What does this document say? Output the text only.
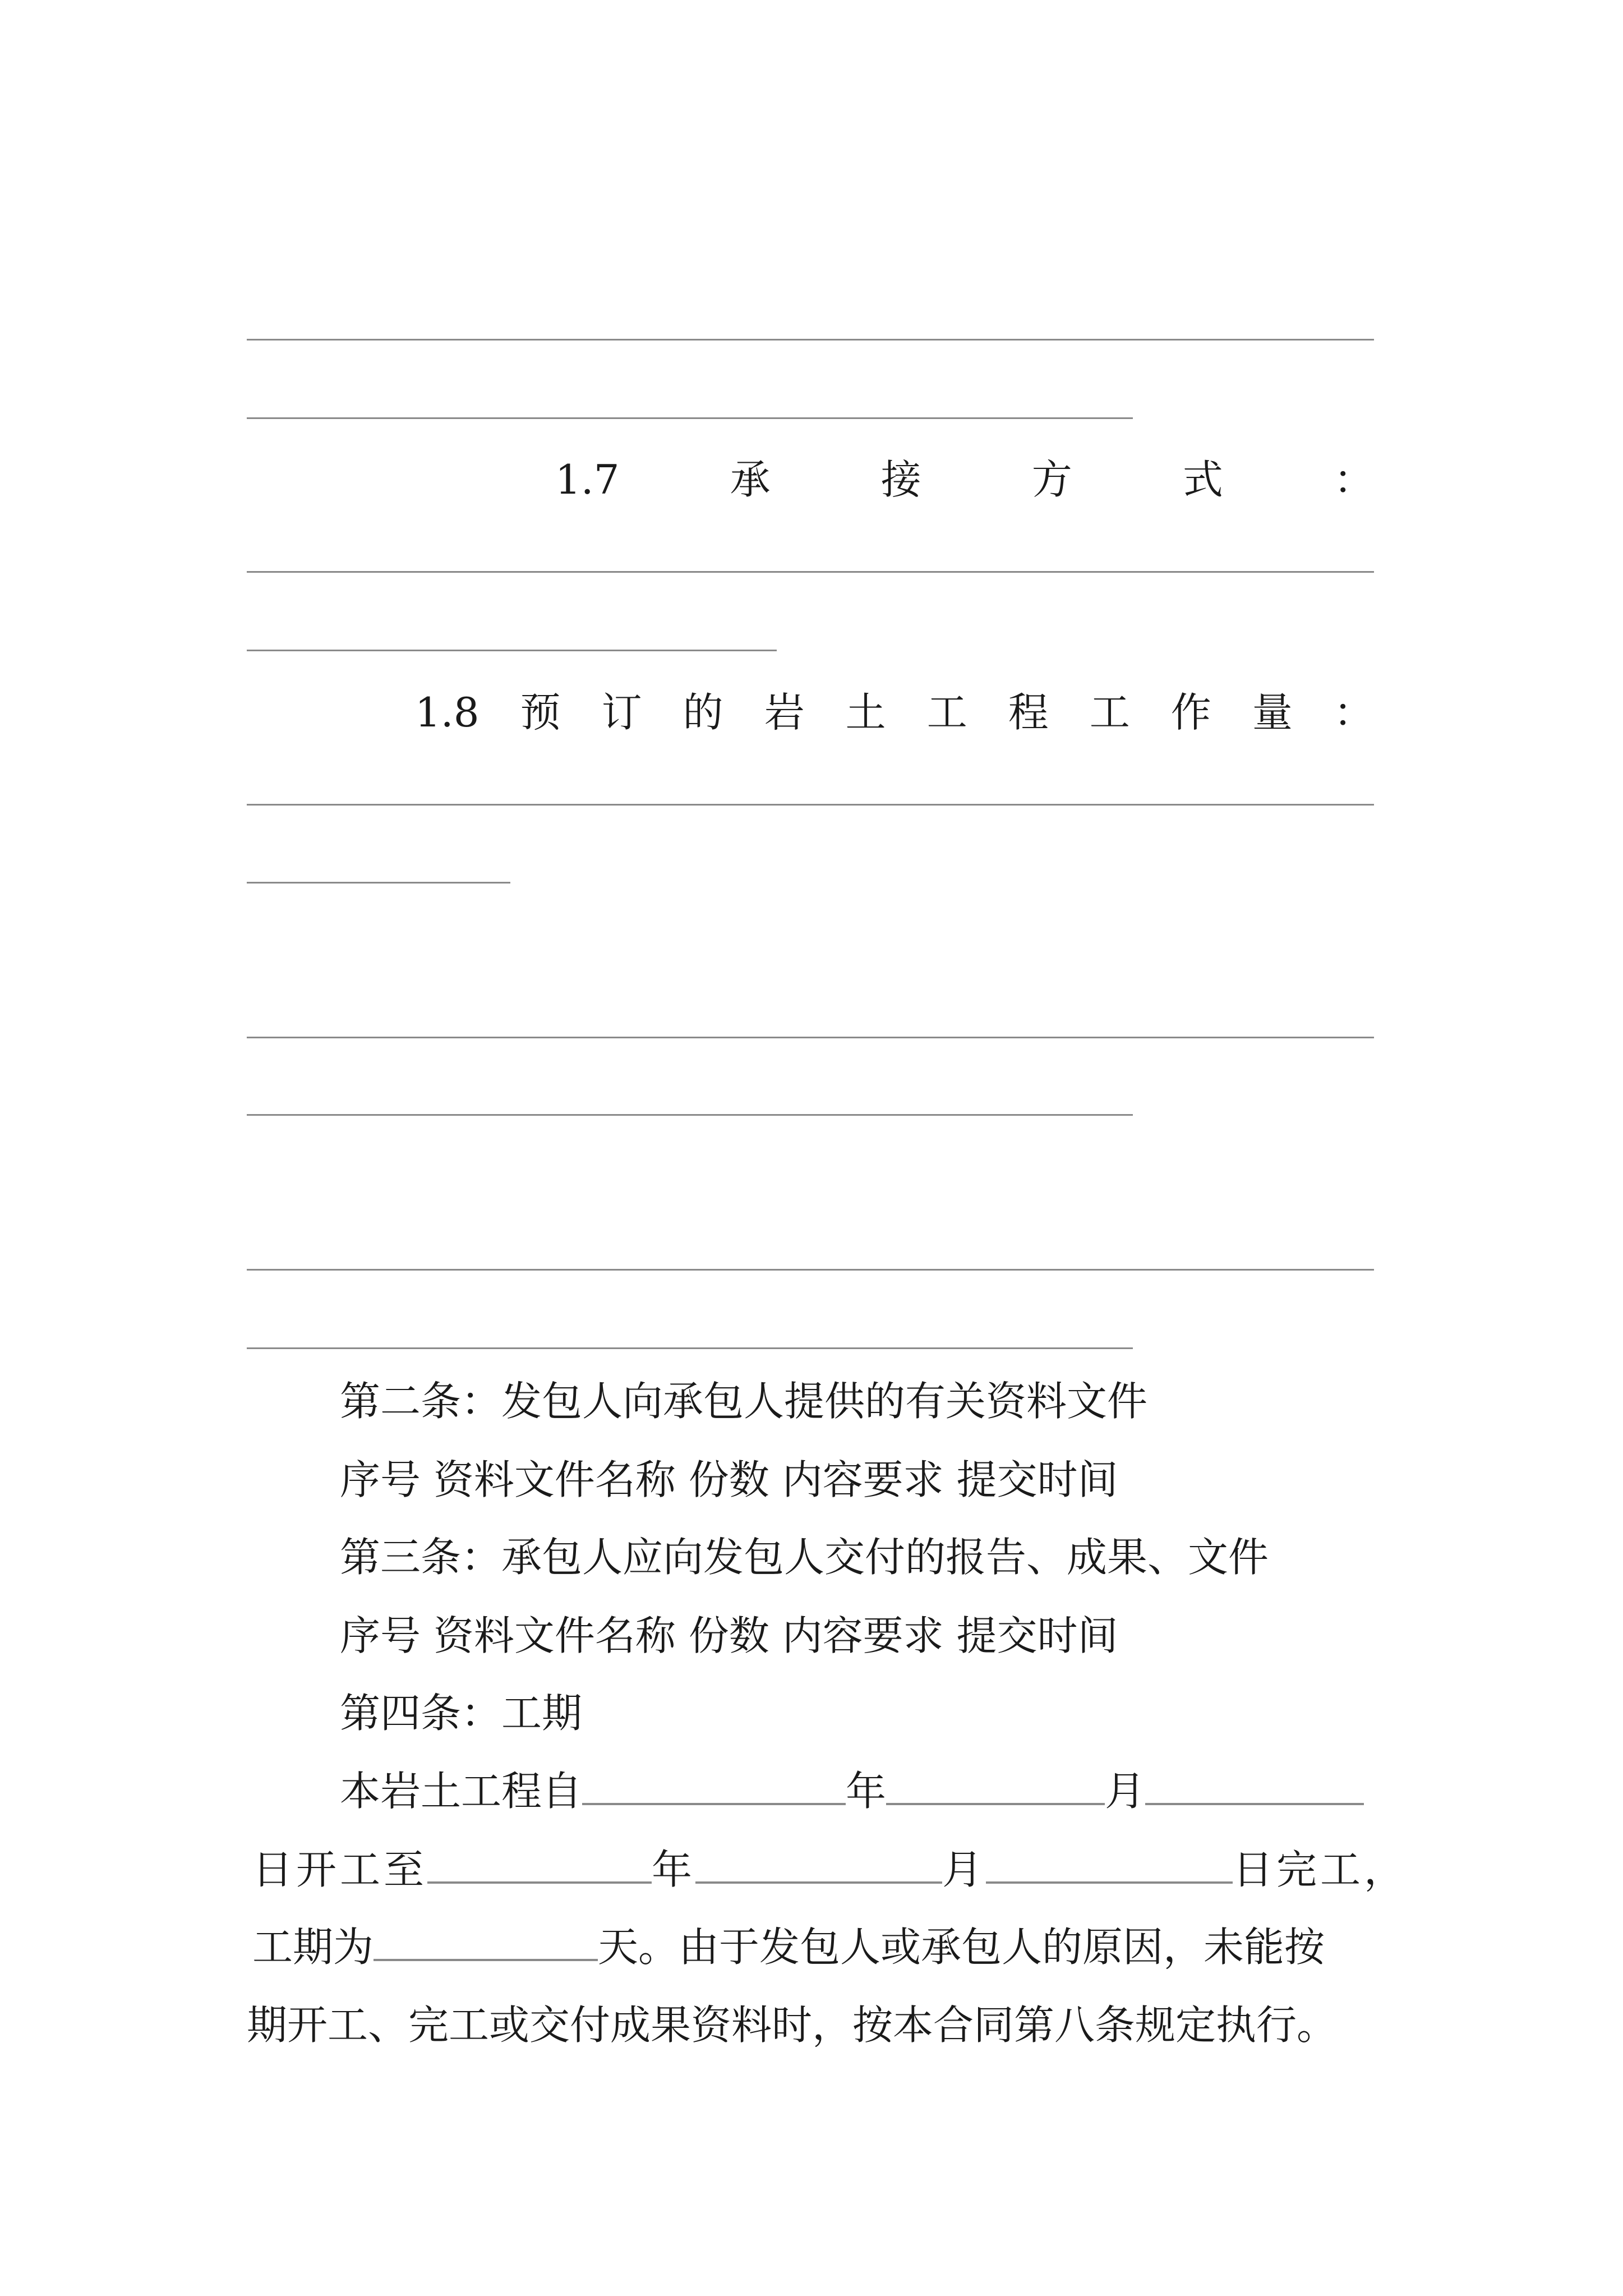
1.7	承	接	方	式	：
1.8 预 订 的 岩 土 工 程 工 作 量 ：
第二条：发包人向承包人提供的有关资料文件
序号 资料文件名称 份数 内容要求 提交时间
第三条：承包人应向发包人交付的报告、成果、文件
序号 资料文件名称 份数 内容要求 提交时间
第四条：工期
本岩土工程自	年	月
日开工至	年	月	日完工，
工期为	天。由于发包人或承包人的原因，未能按
期开工、完工或交付成果资料时，按本合同第八条规定执行。
